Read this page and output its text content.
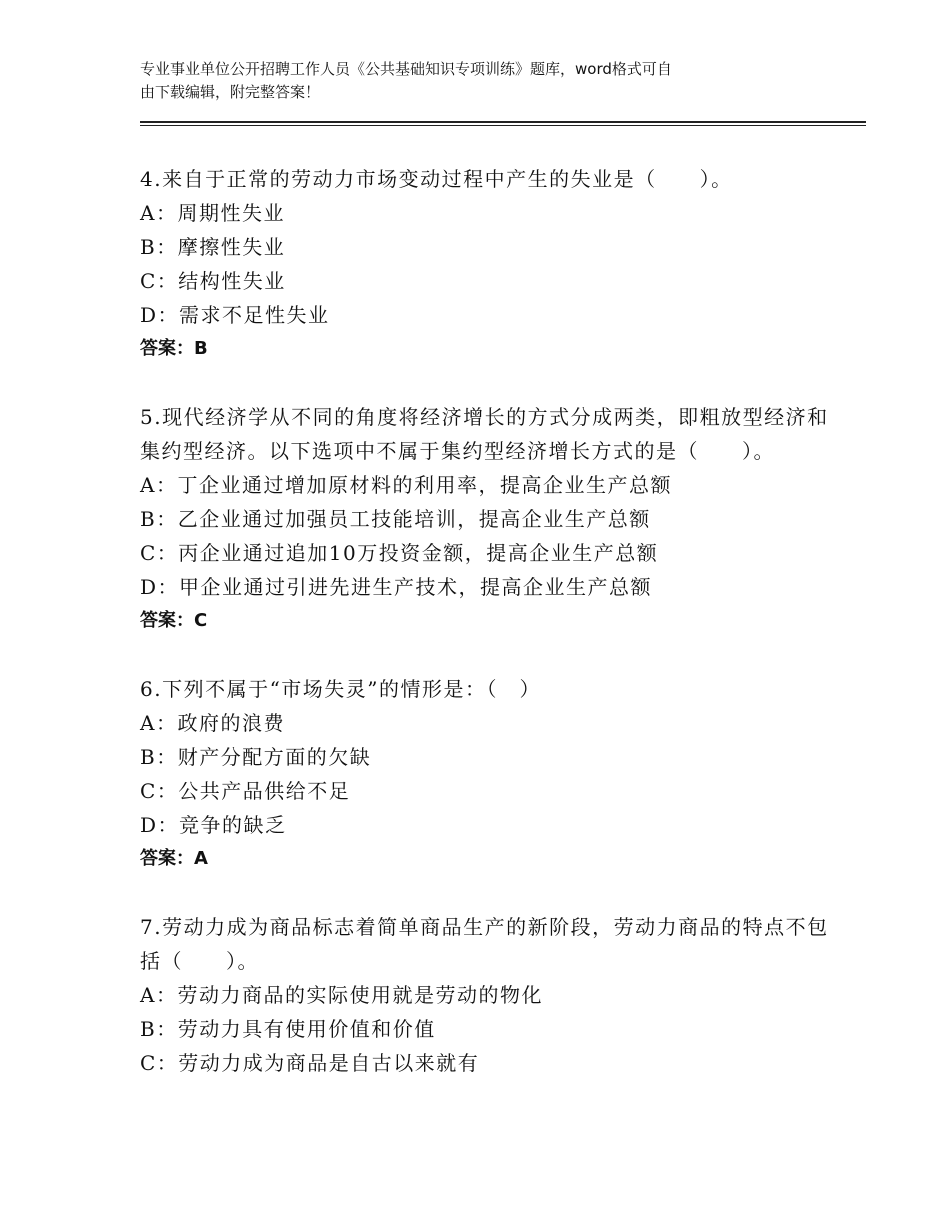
专业事业单位公开招聘工作人员《公共基础知识专项训练》题库，word格式可自
由下载编辑，附完整答案！
4.来自于正常的劳动力市场变动过程中产生的失业是（　　）。
A：周期性失业
B：摩擦性失业
C：结构性失业
D：需求不足性失业
答案：B
5.现代经济学从不同的角度将经济增长的方式分成两类，即粗放型经济和集约型经济。以下选项中不属于集约型经济增长方式的是（　　）。
A：丁企业通过增加原材料的利用率，提高企业生产总额
B：乙企业通过加强员工技能培训，提高企业生产总额
C：丙企业通过追加10万投资金额，提高企业生产总额
D：甲企业通过引进先进生产技术，提高企业生产总额
答案：C
6.下列不属于“市场失灵”的情形是：（　）
A：政府的浪费
B：财产分配方面的欠缺
C：公共产品供给不足
D：竞争的缺乏
答案：A
7.劳动力成为商品标志着简单商品生产的新阶段，劳动力商品的特点不包括（　　）。
A：劳动力商品的实际使用就是劳动的物化
B：劳动力具有使用价值和价值
C：劳动力成为商品是自古以来就有
